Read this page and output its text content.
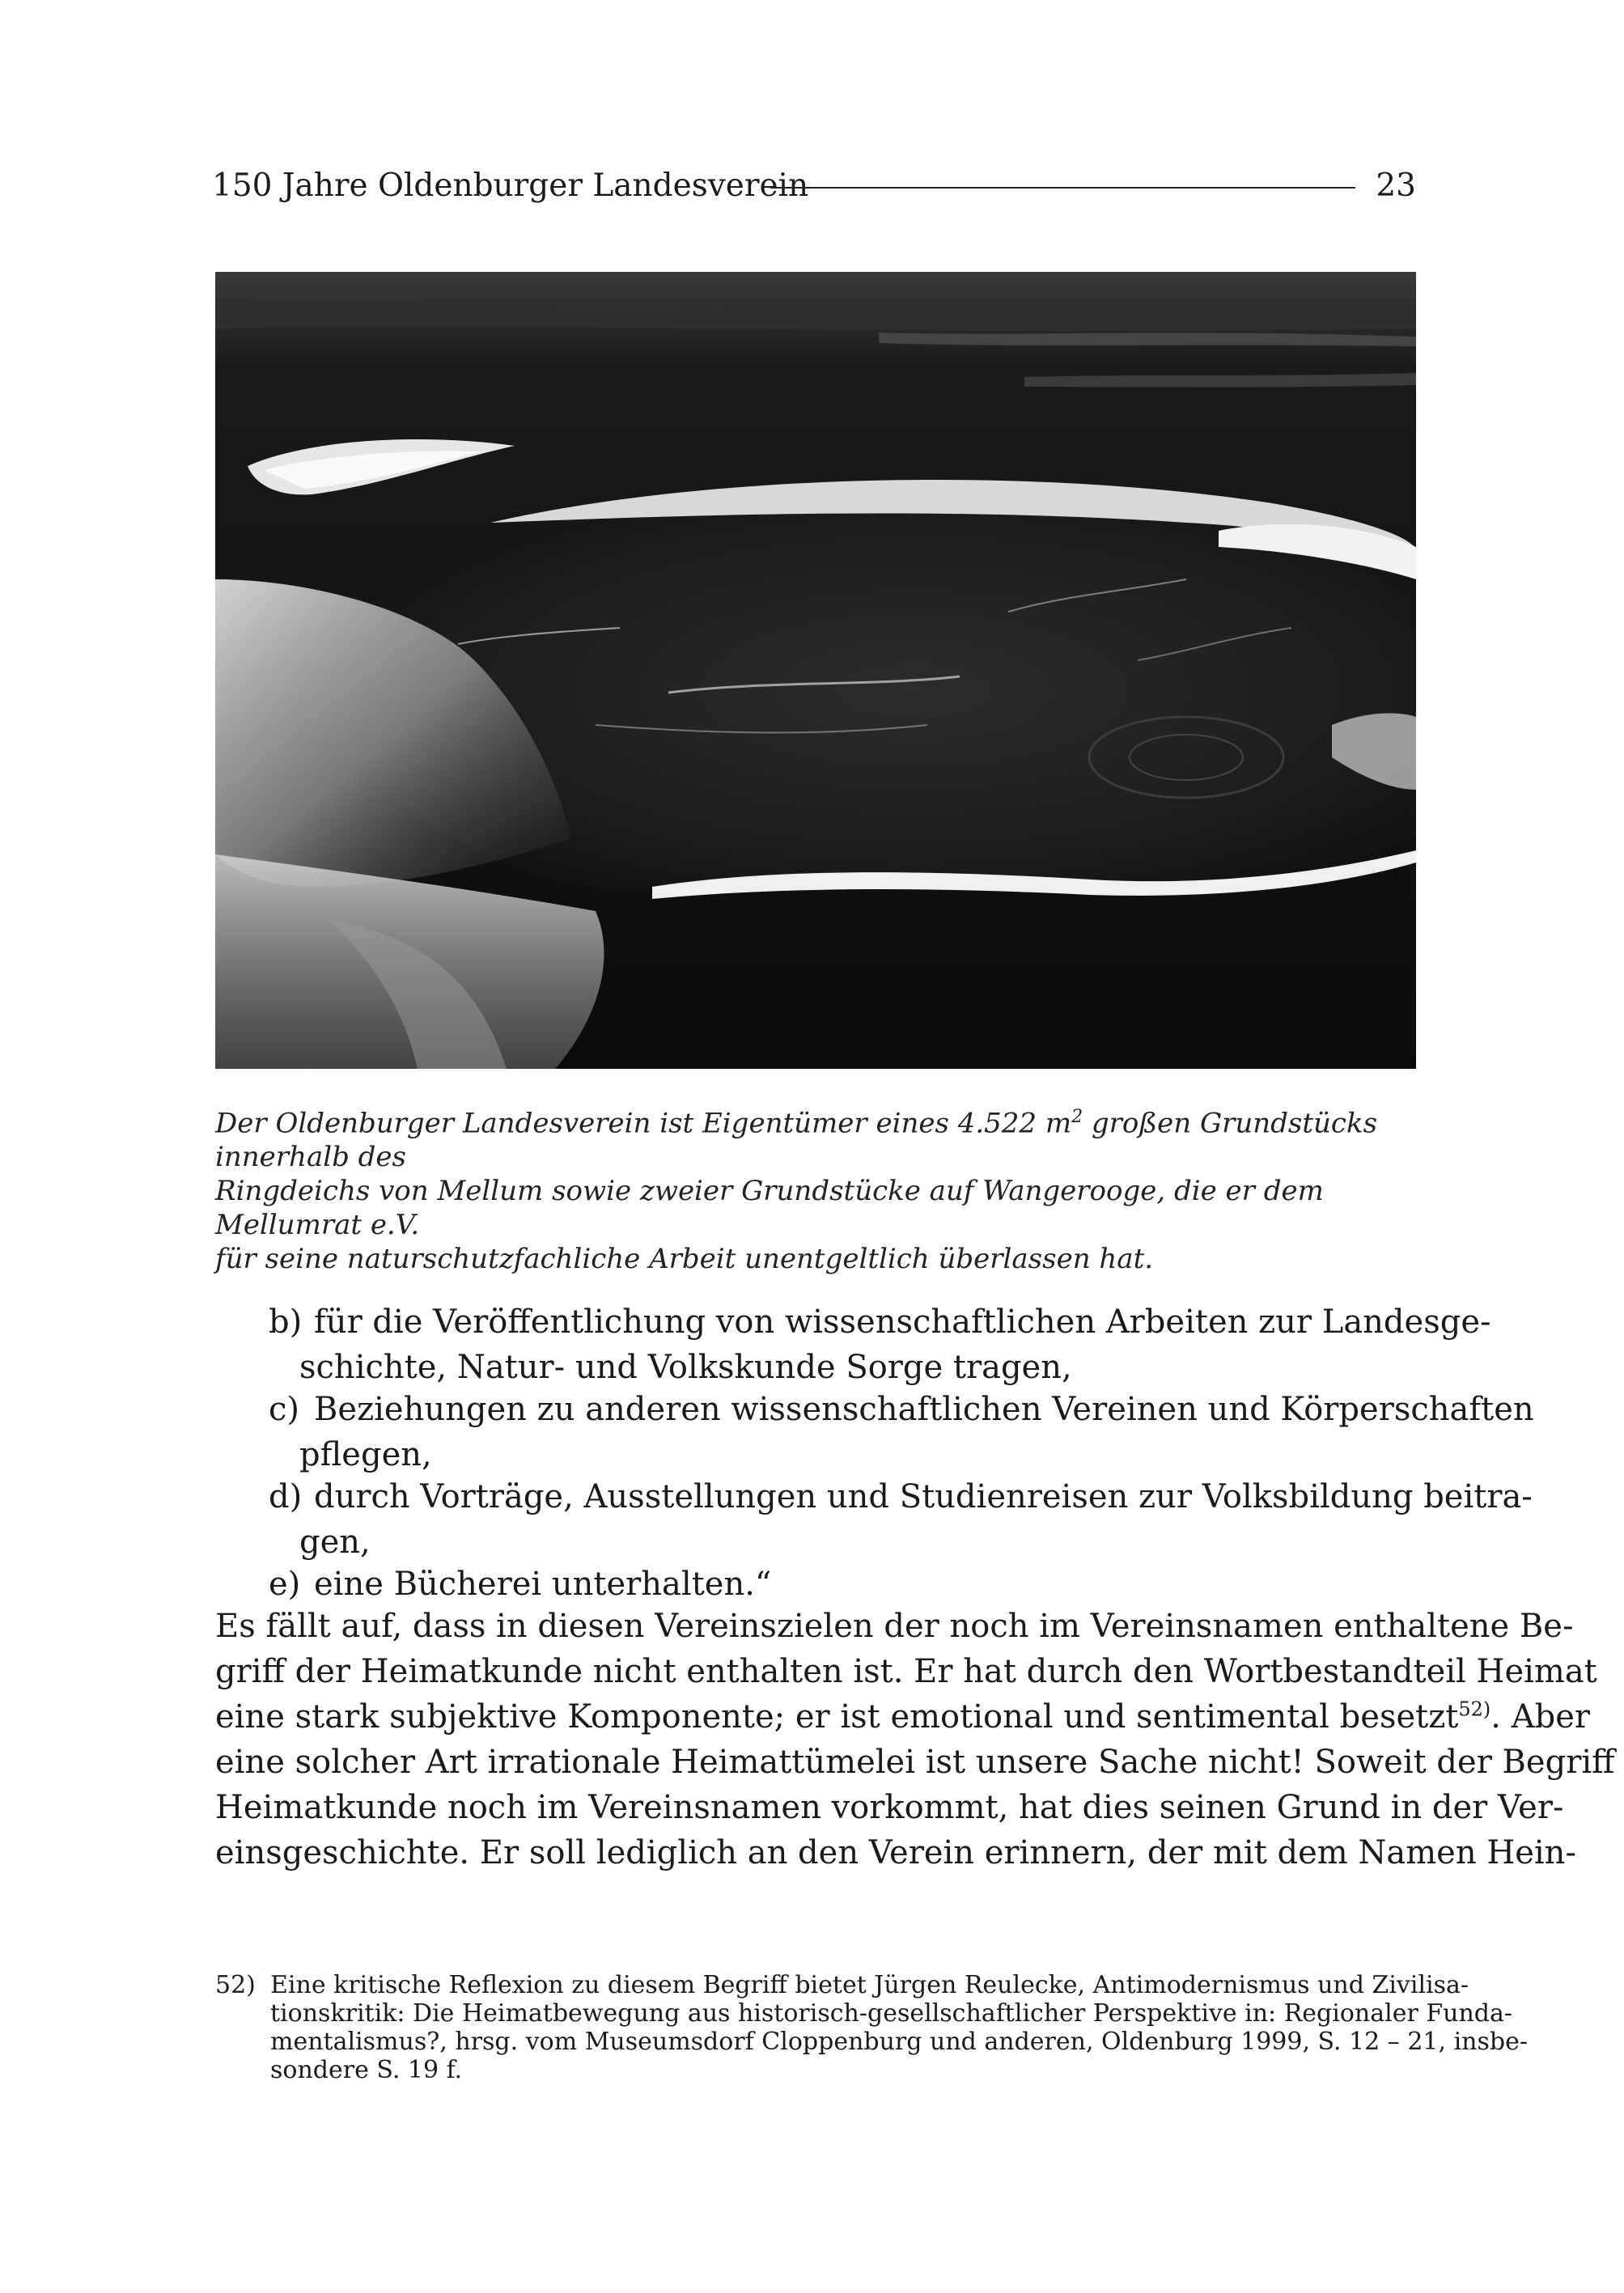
150 Jahre Oldenburger Landesverein	23
Der Oldenburger Landesverein ist Eigentümer eines 4.522 $m^2$ großen Grundstücks innerhalb des
Ringdeichs von Mellum sowie zweier Grundstücke auf Wangerooge, die er dem Mellumrat e.V.
für seine naturschutzfachliche Arbeit unentgeltlich überlassen hat.
b) für die Veröffentlichung von wissenschaftlichen Arbeiten zur Landesge-
schichte, Natur- und Volkskunde Sorge tragen,
c) Beziehungen zu anderen wissenschaftlichen Vereinen und Körperschaften
pflegen,
d) durch Vorträge, Ausstellungen und Studienreisen zur Volksbildung beitra-
gen,
e) eine Bücherei unterhalten.“
Es fällt auf, dass in diesen Vereinszielen der noch im Vereinsnamen enthaltene Be-
griff der Heimatkunde nicht enthalten ist. Er hat durch den Wortbestandteil Heimat
eine stark subjektive Komponente; er ist emotional und sentimental besetzt$^{52)}$. Aber
eine solcher Art irrationale Heimattümelei ist unsere Sache nicht! Soweit der Begriff
Heimatkunde noch im Vereinsnamen vorkommt, hat dies seinen Grund in der Ver-
einsgeschichte. Er soll lediglich an den Verein erinnern, der mit dem Namen Hein-
52) Eine kritische Reflexion zu diesem Begriff bietet Jürgen Reulecke, Antimodernismus und Zivilisa-
tionskritik: Die Heimatbewegung aus historisch-gesellschaftlicher Perspektive in: Regionaler Funda-
mentalismus?, hrsg. vom Museumsdorf Cloppenburg und anderen, Oldenburg 1999, S. 12 – 21, insbe-
sondere S. 19 f.
